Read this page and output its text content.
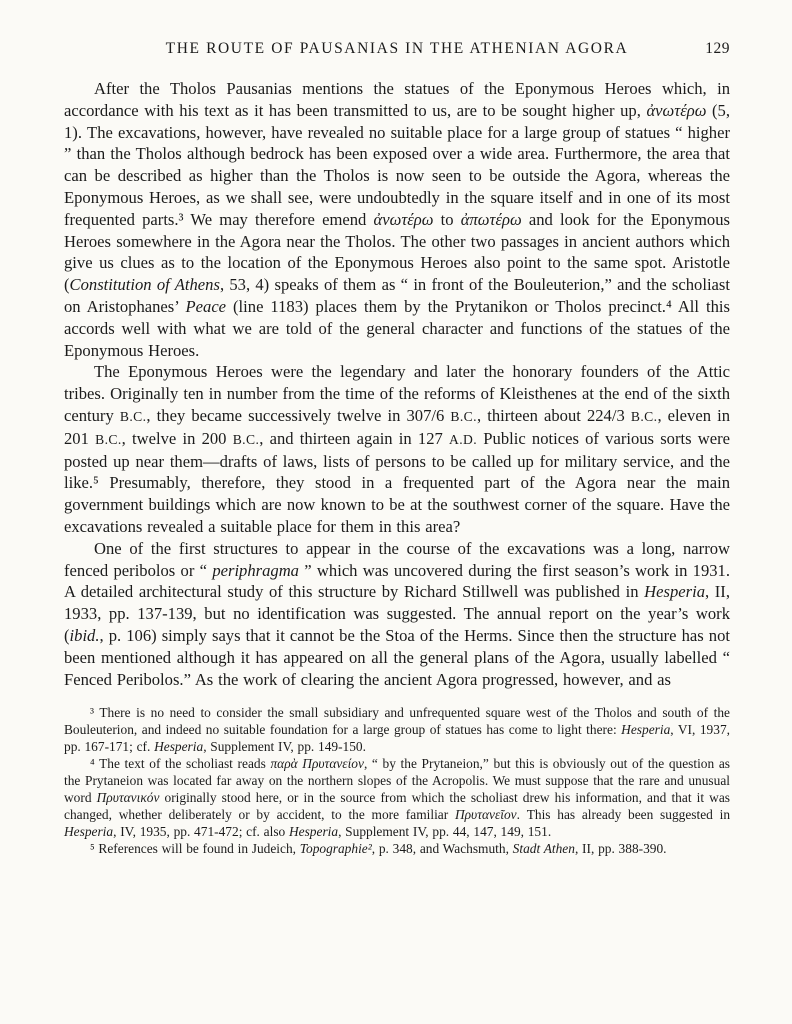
THE ROUTE OF PAUSANIAS IN THE ATHENIAN AGORA	129

After the Tholos Pausanias mentions the statues of the Eponymous Heroes which, in accordance with his text as it has been transmitted to us, are to be sought higher up, ἀνωτέρω (5, 1). The excavations, however, have revealed no suitable place for a large group of statues “ higher ” than the Tholos although bedrock has been exposed over a wide area. Furthermore, the area that can be described as higher than the Tholos is now seen to be outside the Agora, whereas the Eponymous Heroes, as we shall see, were undoubtedly in the square itself and in one of its most frequented parts.³ We may therefore emend ἀνωτέρω to ἀπωτέρω and look for the Eponymous Heroes somewhere in the Agora near the Tholos. The other two passages in ancient authors which give us clues as to the location of the Eponymous Heroes also point to the same spot. Aristotle (Constitution of Athens, 53, 4) speaks of them as “ in front of the Bouleuterion,” and the scholiast on Aristophanes’ Peace (line 1183) places them by the Prytanikon or Tholos precinct.⁴ All this accords well with what we are told of the general character and functions of the statues of the Eponymous Heroes.

The Eponymous Heroes were the legendary and later the honorary founders of the Attic tribes. Originally ten in number from the time of the reforms of Kleisthenes at the end of the sixth century B.C., they became successively twelve in 307/6 B.C., thirteen about 224/3 B.C., eleven in 201 B.C., twelve in 200 B.C., and thirteen again in 127 A.D. Public notices of various sorts were posted up near them—drafts of laws, lists of persons to be called up for military service, and the like.⁵ Presumably, therefore, they stood in a frequented part of the Agora near the main government buildings which are now known to be at the southwest corner of the square. Have the excavations revealed a suitable place for them in this area?

One of the first structures to appear in the course of the excavations was a long, narrow fenced peribolos or “ periphragma ” which was uncovered during the first season’s work in 1931. A detailed architectural study of this structure by Richard Stillwell was published in Hesperia, II, 1933, pp. 137-139, but no identification was suggested. The annual report on the year’s work (ibid., p. 106) simply says that it cannot be the Stoa of the Herms. Since then the structure has not been mentioned although it has appeared on all the general plans of the Agora, usually labelled “ Fenced Peribolos.” As the work of clearing the ancient Agora progressed, however, and as

³ There is no need to consider the small subsidiary and unfrequented square west of the Tholos and south of the Bouleuterion, and indeed no suitable foundation for a large group of statues has come to light there: Hesperia, VI, 1937, pp. 167-171; cf. Hesperia, Supplement IV, pp. 149-150.

⁴ The text of the scholiast reads παρὰ Πρυτανείον, “ by the Prytaneion,” but this is obviously out of the question as the Prytaneion was located far away on the northern slopes of the Acropolis. We must suppose that the rare and unusual word Πρυτανικόν originally stood here, or in the source from which the scholiast drew his information, and that it was changed, whether deliberately or by accident, to the more familiar Πρυτανεῖον. This has already been suggested in Hesperia, IV, 1935, pp. 471-472; cf. also Hesperia, Supplement IV, pp. 44, 147, 149, 151.

⁵ References will be found in Judeich, Topographie², p. 348, and Wachsmuth, Stadt Athen, II, pp. 388-390.
